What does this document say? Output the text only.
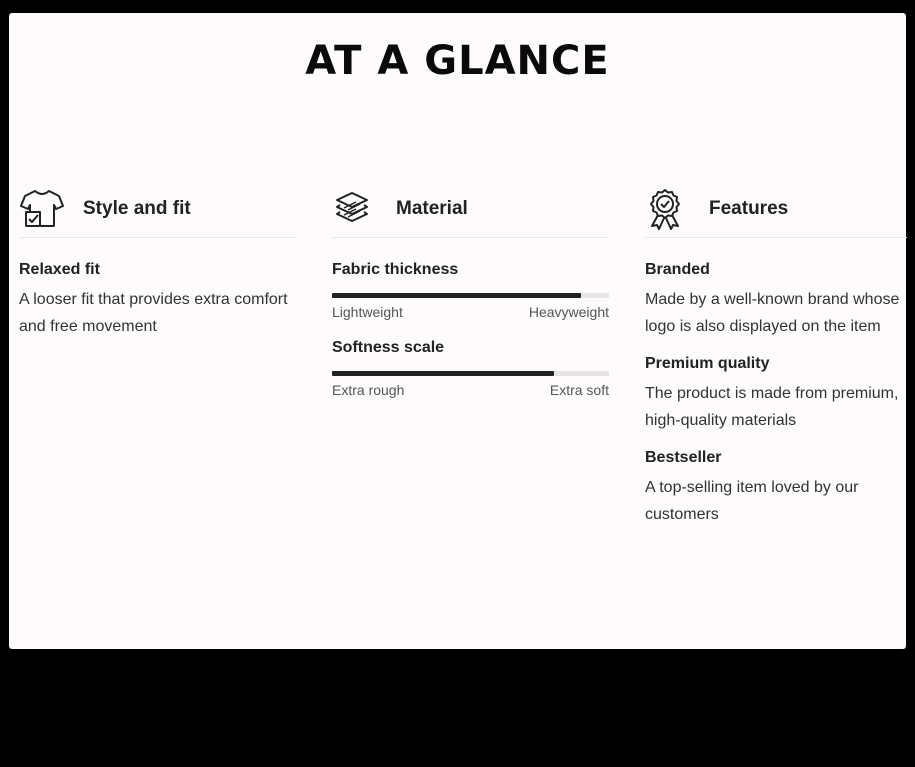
AT A GLANCE
Style and fit
Relaxed fit
A looser fit that provides extra comfort and free movement
Material
Fabric thickness
Lightweight	Heavyweight
Softness scale
Extra rough	Extra soft
Features
Branded
Made by a well-known brand whose logo is also displayed on the item
Premium quality
The product is made from premium, high-quality materials
Bestseller
A top-selling item loved by our customers
